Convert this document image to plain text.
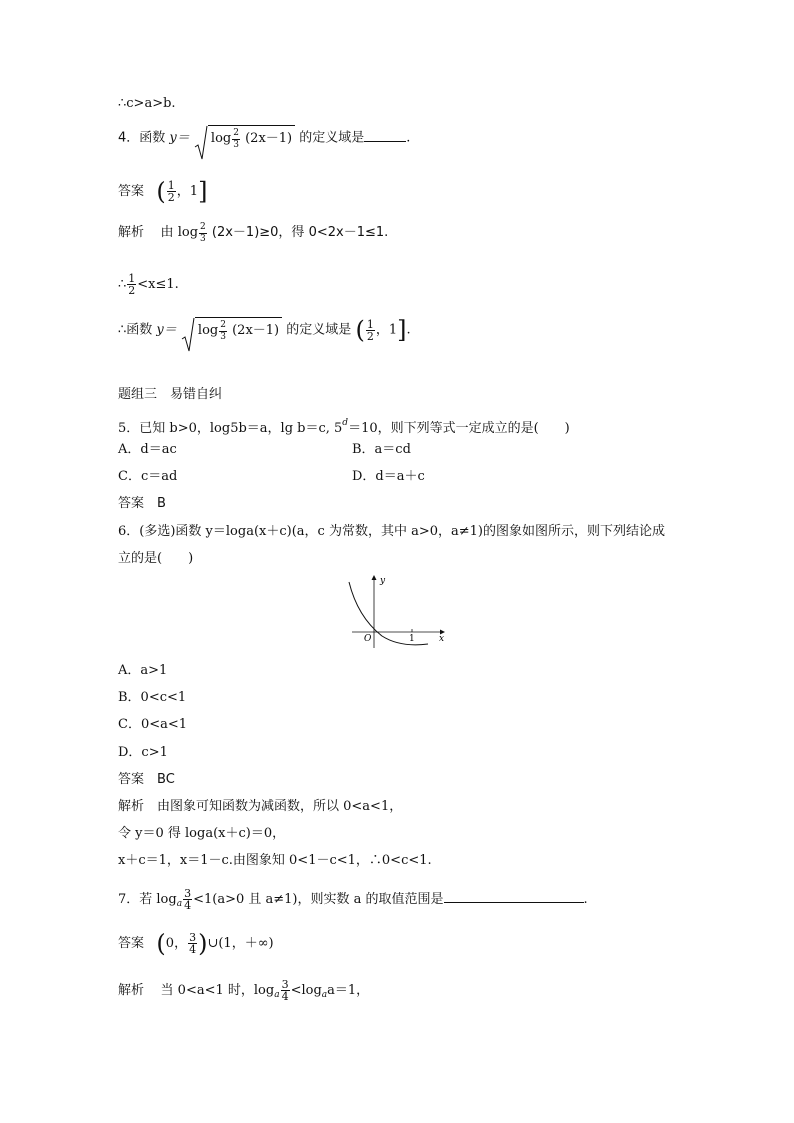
∴c>a>b.
4．函数 $y= \log \frac{2}{3} (2x-1)$ 的定义域是	.
答案 ( $\frac{1}{2}$ ，1]
解析 由 $\log \frac{2}{3} (2x-1)\ge 0$，得 0<2x－1≤1.
∴ $\frac{1}{2} <x\le 1$.
∴函数 $y= \log \frac{2}{3} (2x-1)$ 的定义域是 ( $\frac{1}{2}$ ，1].
题组三　易错自纠
5．已知 b>0，log5b＝a，lg b＝c, $5^d=10$，则下列等式一定成立的是(　　)
A．d＝ac	B．a＝cd
C．c＝ad	D．d＝a＋c
答案　B
6．(多选)函数 y＝loga(x＋c)(a，c 为常数，其中 a>0，a≠1)的图象如图所示，则下列结论成
立的是(　　)
y
x
O	1
A．a>1
B．0<c<1
C．0<a<1
D．c>1
答案　BC
解析　由图象可知函数为减函数，所以 0<a<1，
令 y＝0 得 loga(x＋c)＝0，
x＋c＝1，x＝1－c.由图象知 0<1－c<1，∴0<c<1.
7．若 $\log_a \frac{3}{4} <1(a>0$ 且 a≠1)，则实数 a 的取值范围是	.
答案 (0， $\frac{3}{4}$ )∪(1，＋∞)
解析 当 0<a<1 时，$\log_a \frac{3}{4} <\log_aa=1$，
